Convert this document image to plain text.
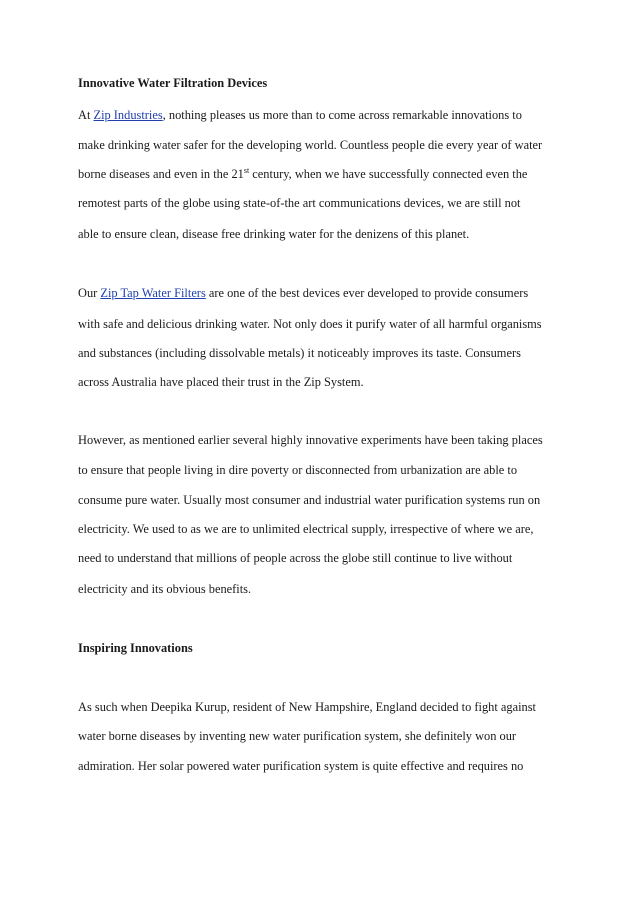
Innovative Water Filtration Devices
At Zip Industries, nothing pleases us more than to come across remarkable innovations to
make drinking water safer for the developing world. Countless people die every year of water
borne diseases and even in the 21st century, when we have successfully connected even the
remotest parts of the globe using state-of-the art communications devices, we are still not
able to ensure clean, disease free drinking water for the denizens of this planet.
Our Zip Tap Water Filters are one of the best devices ever developed to provide consumers
with safe and delicious drinking water. Not only does it purify water of all harmful organisms
and substances (including dissolvable metals) it noticeably improves its taste. Consumers
across Australia have placed their trust in the Zip System.
However, as mentioned earlier several highly innovative experiments have been taking places
to ensure that people living in dire poverty or disconnected from urbanization are able to
consume pure water. Usually most consumer and industrial water purification systems run on
electricity. We used to as we are to unlimited electrical supply, irrespective of where we are,
need to understand that millions of people across the globe still continue to live without
electricity and its obvious benefits.
Inspiring Innovations
As such when Deepika Kurup, resident of New Hampshire, England decided to fight against
water borne diseases by inventing new water purification system, she definitely won our
admiration. Her solar powered water purification system is quite effective and requires no
